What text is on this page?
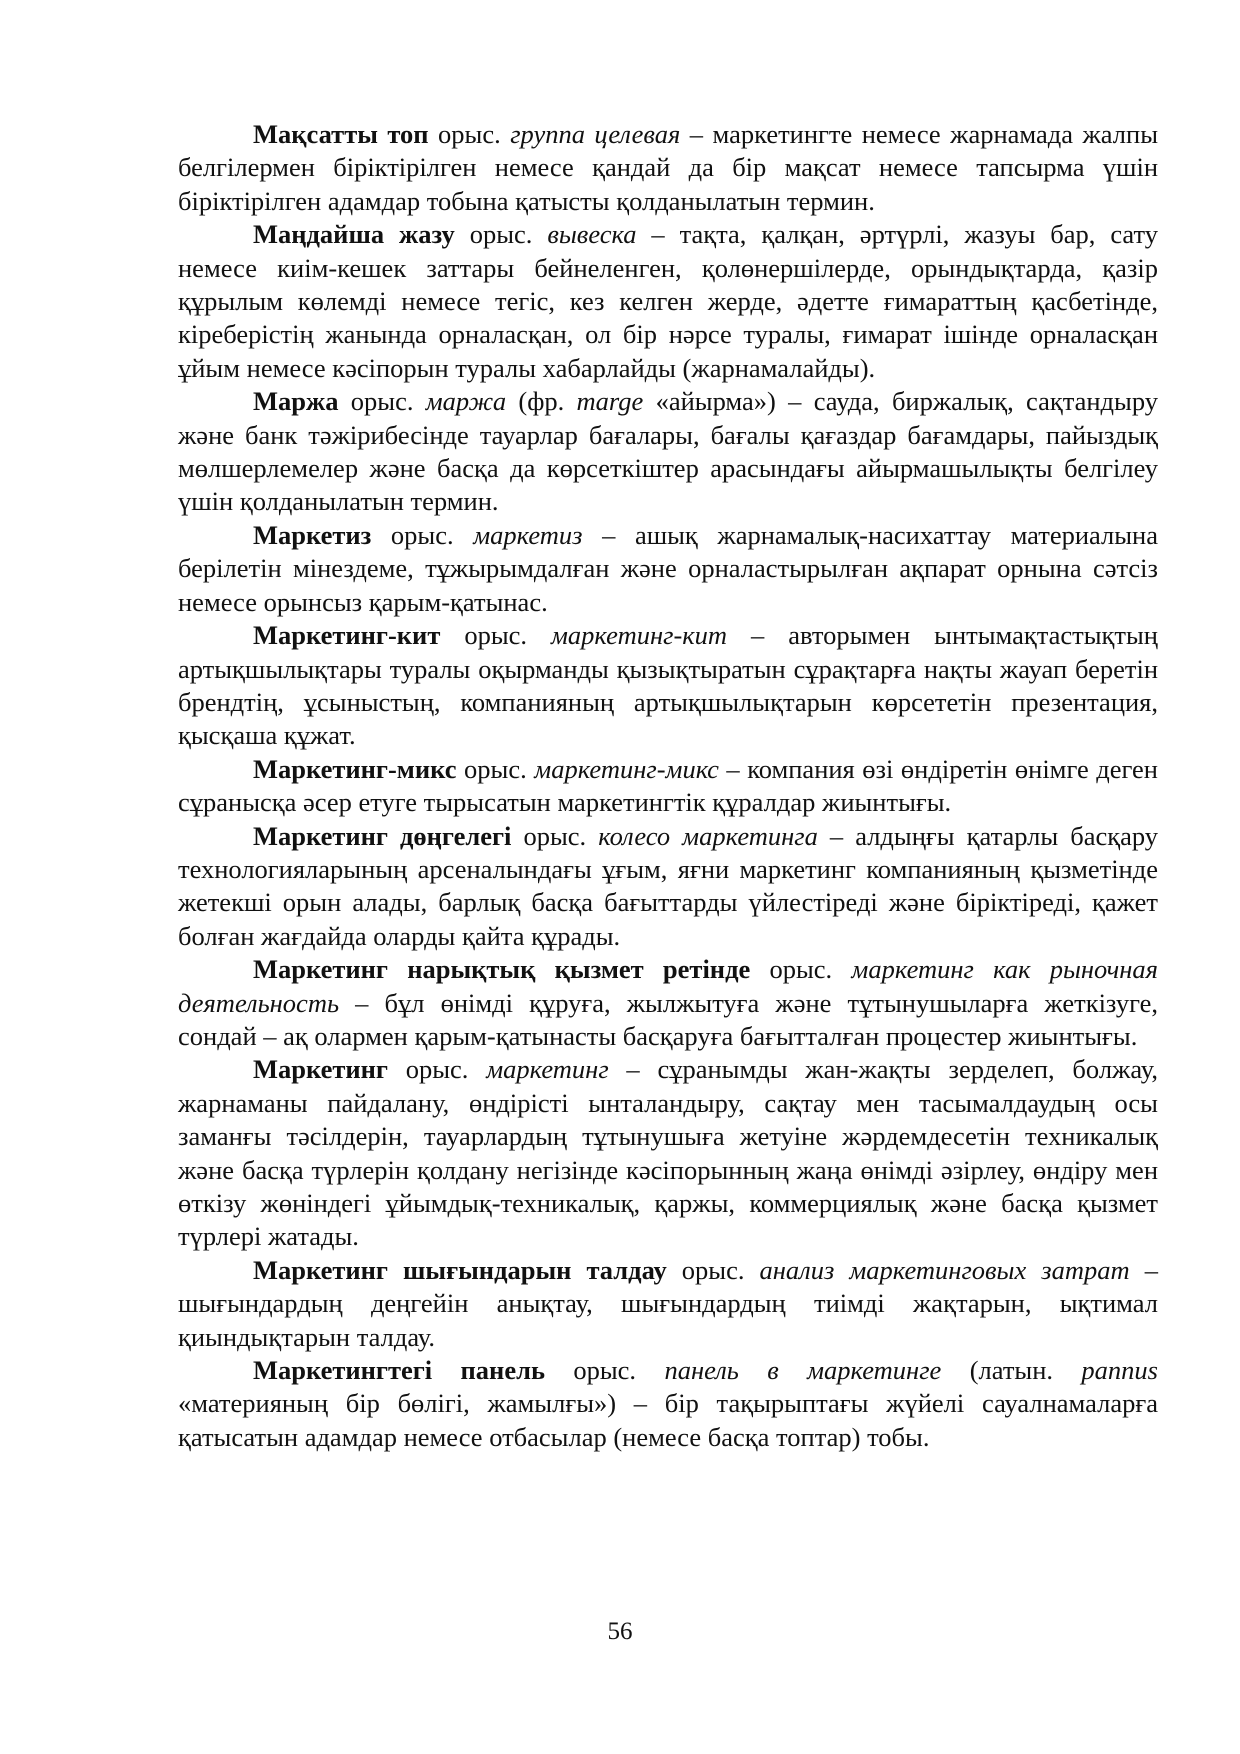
Мақсатты топ орыс. группа целевая – маркетингте немесе жарнамада жалпы белгілермен біріктірілген немесе қандай да бір мақсат немесе тапсырма үшін біріктірілген адамдар тобына қатысты қолданылатын термин.

Маңдайша жазу орыс. вывеска – тақта, қалқан, әртүрлі, жазуы бар, сату немесе киім-кешек заттары бейнеленген, қолөнершілерде, орындықтарда, қазір құрылым көлемді немесе тегіс, кез келген жерде, әдетте ғимараттың қасбетінде, кіреберістің жанында орналасқан, ол бір нәрсе туралы, ғимарат ішінде орналасқан ұйым немесе кәсіпорын туралы хабарлайды (жарнамалайды).

Маржа орыс. маржа (фр. marge «айырма») – сауда, биржалық, сақтандыру және банк тәжірибесінде тауарлар бағалары, бағалы қағаздар бағамдары, пайыздық мөлшерлемелер және басқа да көрсеткіштер арасындағы айырмашылықты белгілеу үшін қолданылатын термин.

Маркетиз орыс. маркетиз – ашық жарнамалық-насихаттау материалына берілетін мінездеме, тұжырымдалған және орналастырылған ақпарат орнына сәтсіз немесе орынсыз қарым-қатынас.

Маркетинг-кит орыс. маркетинг-кит – авторымен ынтымақтастықтың артықшылықтары туралы оқырманды қызықтыратын сұрақтарға нақты жауап беретін брендтің, ұсыныстың, компанияның артықшылықтарын көрсететін презентация, қысқаша құжат.

Маркетинг-микс орыс. маркетинг-микс – компания өзі өндіретін өнімге деген сұранысқа әсер етуге тырысатын маркетингтік құралдар жиынтығы.

Маркетинг дөңгелегі орыс. колесо маркетинга – алдыңғы қатарлы басқару технологияларының арсеналындағы ұғым, яғни маркетинг компанияның қызметінде жетекші орын алады, барлық басқа бағыттарды үйлестіреді және біріктіреді, қажет болған жағдайда оларды қайта құрады.

Маркетинг нарықтық қызмет ретінде орыс. маркетинг как рыночная деятельность – бұл өнімді құруға, жылжытуға және тұтынушыларға жеткізуге, сондай – ақ олармен қарым-қатынасты басқаруға бағытталған процестер жиынтығы.

Маркетинг орыс. маркетинг – сұранымды жан-жақты зерделеп, болжау, жарнаманы пайдалану, өндірісті ынталандыру, сақтау мен тасымалдаудың осы заманғы тәсілдерін, тауарлардың тұтынушыға жетуіне жәрдемдесетін техникалық және басқа түрлерін қолдану негізінде кәсіпорынның жаңа өнімді әзірлеу, өндіру мен өткізу жөніндегі ұйымдық-техникалық, қаржы, коммерциялық және басқа қызмет түрлері жатады.

Маркетинг шығындарын талдау орыс. анализ маркетинговых затрат – шығындардың деңгейін анықтау, шығындардың тиімді жақтарын, ықтимал қиындықтарын талдау.

Маркетингтегі панель орыс. панель в маркетинге (латын. pannus «материяның бір бөлігі, жамылғы») – бір тақырыптағы жүйелі сауалнамаларға қатысатын адамдар немесе отбасылар (немесе басқа топтар) тобы.

56
